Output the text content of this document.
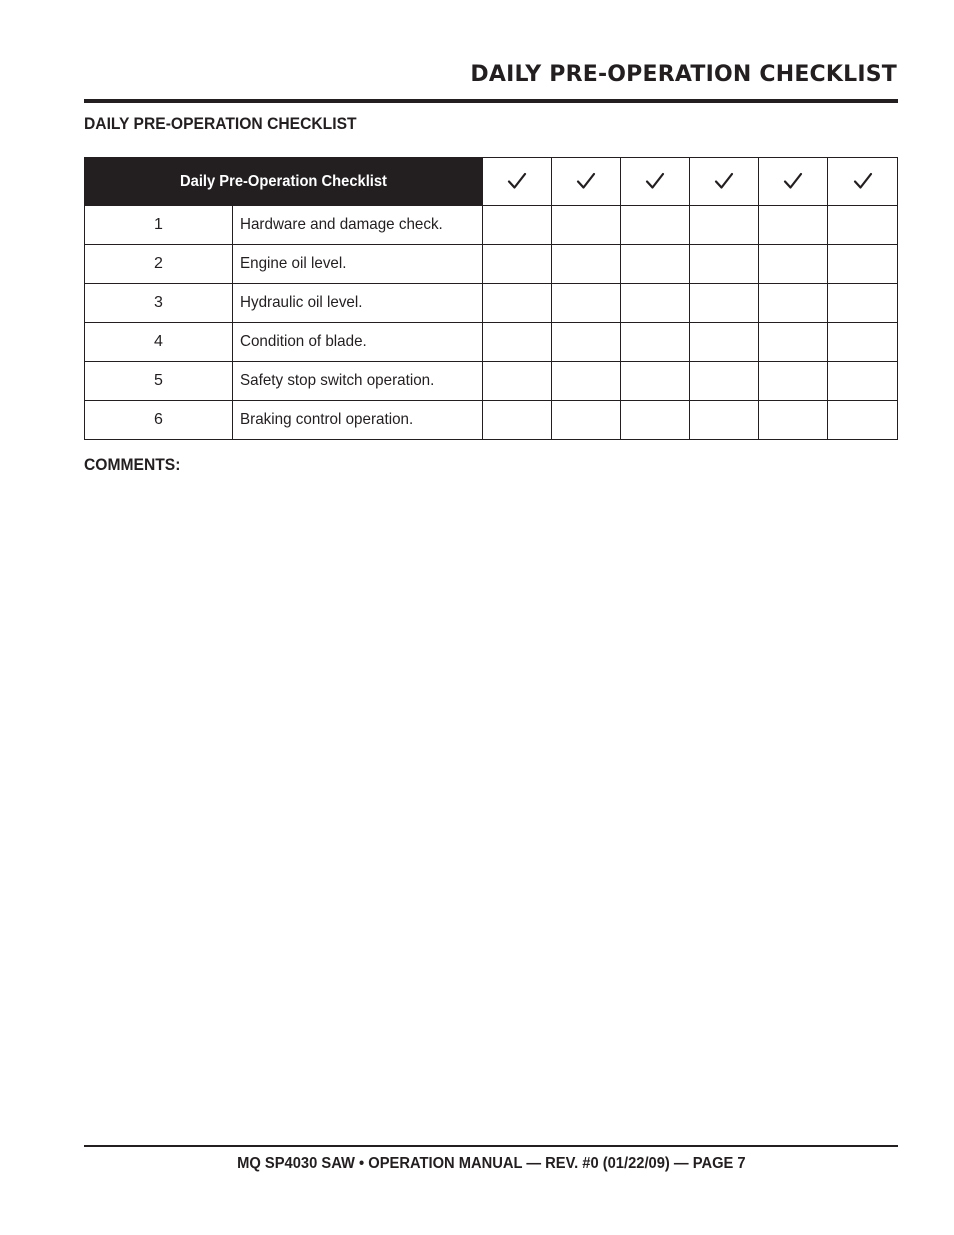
DAILY PRE-OPERATION CHECKLIST
DAILY PRE-OPERATION CHECKLIST
Daily Pre-Operation Checklist						
1	Hardware and damage check.						
2	Engine oil level.						
3	Hydraulic oil level.						
4	Condition of blade.						
5	Safety stop switch operation.						
6	Braking control operation.						
COMMENTS:
MQ SP4030 SAW • OPERATION MANUAL — REV. #0 (01/22/09) — PAGE 7
